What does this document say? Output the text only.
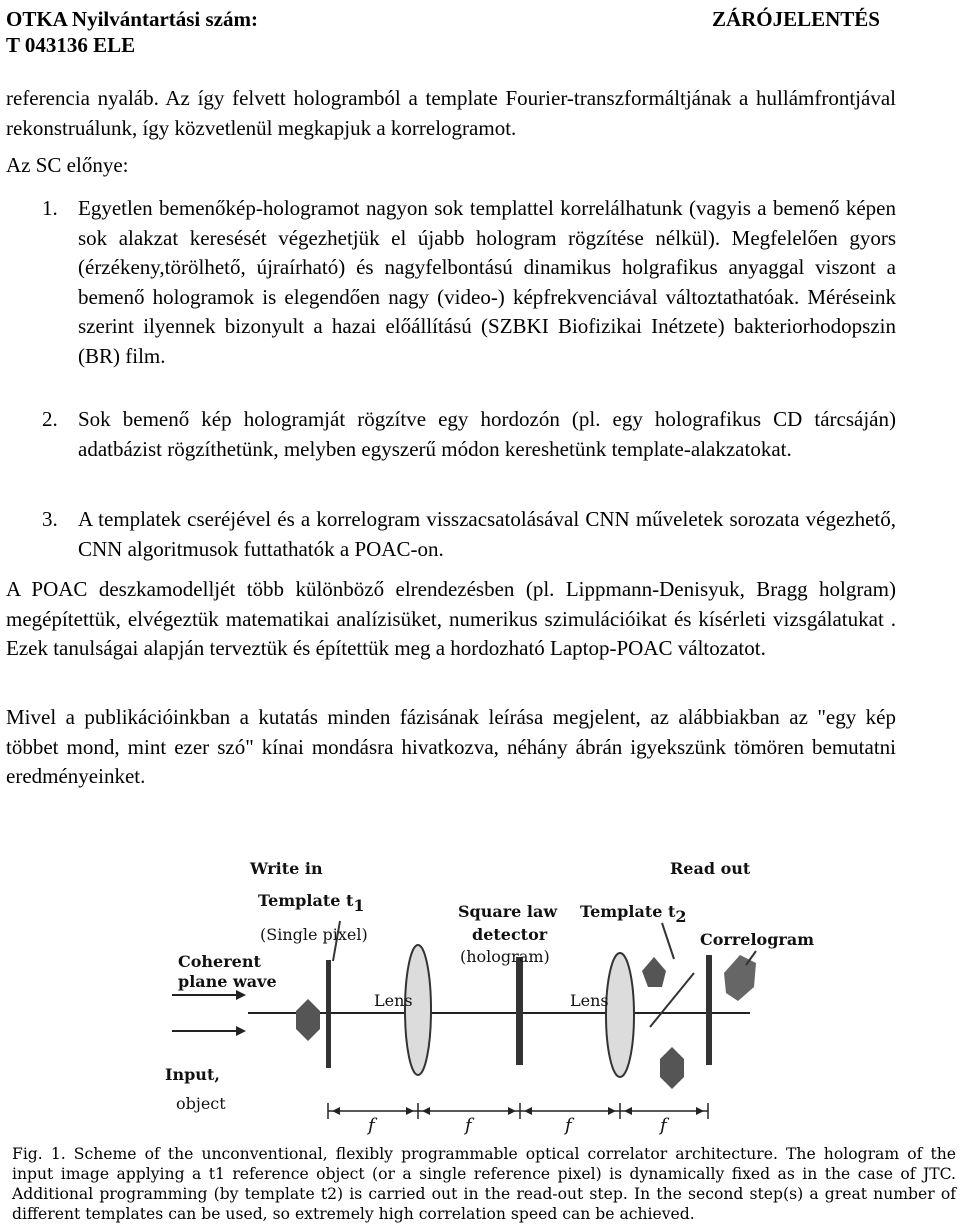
OTKA Nyilvántartási szám:
T 043136 ELE
ZÁRÓJELENTÉS
referencia nyaláb. Az így felvett hologramból a template Fourier-transzformáltjának a hullámfrontjával rekonstruálunk, így közvetlenül megkapjuk a korrelogramot.
Az SC előnye:
1. Egyetlen bemenőkép-hologramot nagyon sok templattel korrelálhatunk (vagyis a bemenő képen sok alakzat keresését végezhetjük el újabb hologram rögzítése nélkül). Megfelelően gyors (érzékeny,törölhető, újraírható) és nagyfelbontású dinamikus holgrafikus anyaggal viszont a bemenő hologramok is elegendően nagy (video-) képfrekvenciával változtathatóak. Méréseink szerint ilyennek bizonyult a hazai előállítású (SZBKI Biofizikai Inétzete) bakteriorhodopszin (BR) film.
2. Sok bemenő kép hologramját rögzítve egy hordozón (pl. egy holografikus CD tárcsáján) adatbázist rögzíthetünk, melyben egyszerű módon kereshetünk template-alakzatokat.
3. A templatek cseréjével és a korrelogram visszacsatolásával CNN műveletek sorozata végezhető, CNN algoritmusok futtathatók a POAC-on.
A POAC deszkamodelljét több különböző elrendezésben (pl. Lippmann-Denisyuk, Bragg holgram) megépítettük, elvégeztük matematikai analízisüket, numerikus szimulációikat és kísérleti vizsgálatukat . Ezek tanulságai alapján terveztük és építettük meg a hordozható Laptop-POAC változatot.
Mivel a publikációinkban a kutatás minden fázisának leírása megjelent, az alábbiakban az "egy kép többet mond, mint ezer szó" kínai mondásra hivatkozva, néhány ábrán igyekszünk tömören bemutatni eredményeinket.
Write in
Template t1
(Single pixel)
Coherent
plane wave
Input,
object
Lens
Square law
detector
(hologram)
Lens
Read out
Template t2
Correlogram
f	f	f	f
Fig. 1. Scheme of the unconventional, flexibly programmable optical correlator architecture. The hologram of the input image applying a t1 reference object (or a single reference pixel) is dynamically fixed as in the case of JTC. Additional programming (by template t2) is carried out in the read-out step. In the second step(s) a great number of different templates can be used, so extremely high correlation speed can be achieved.
